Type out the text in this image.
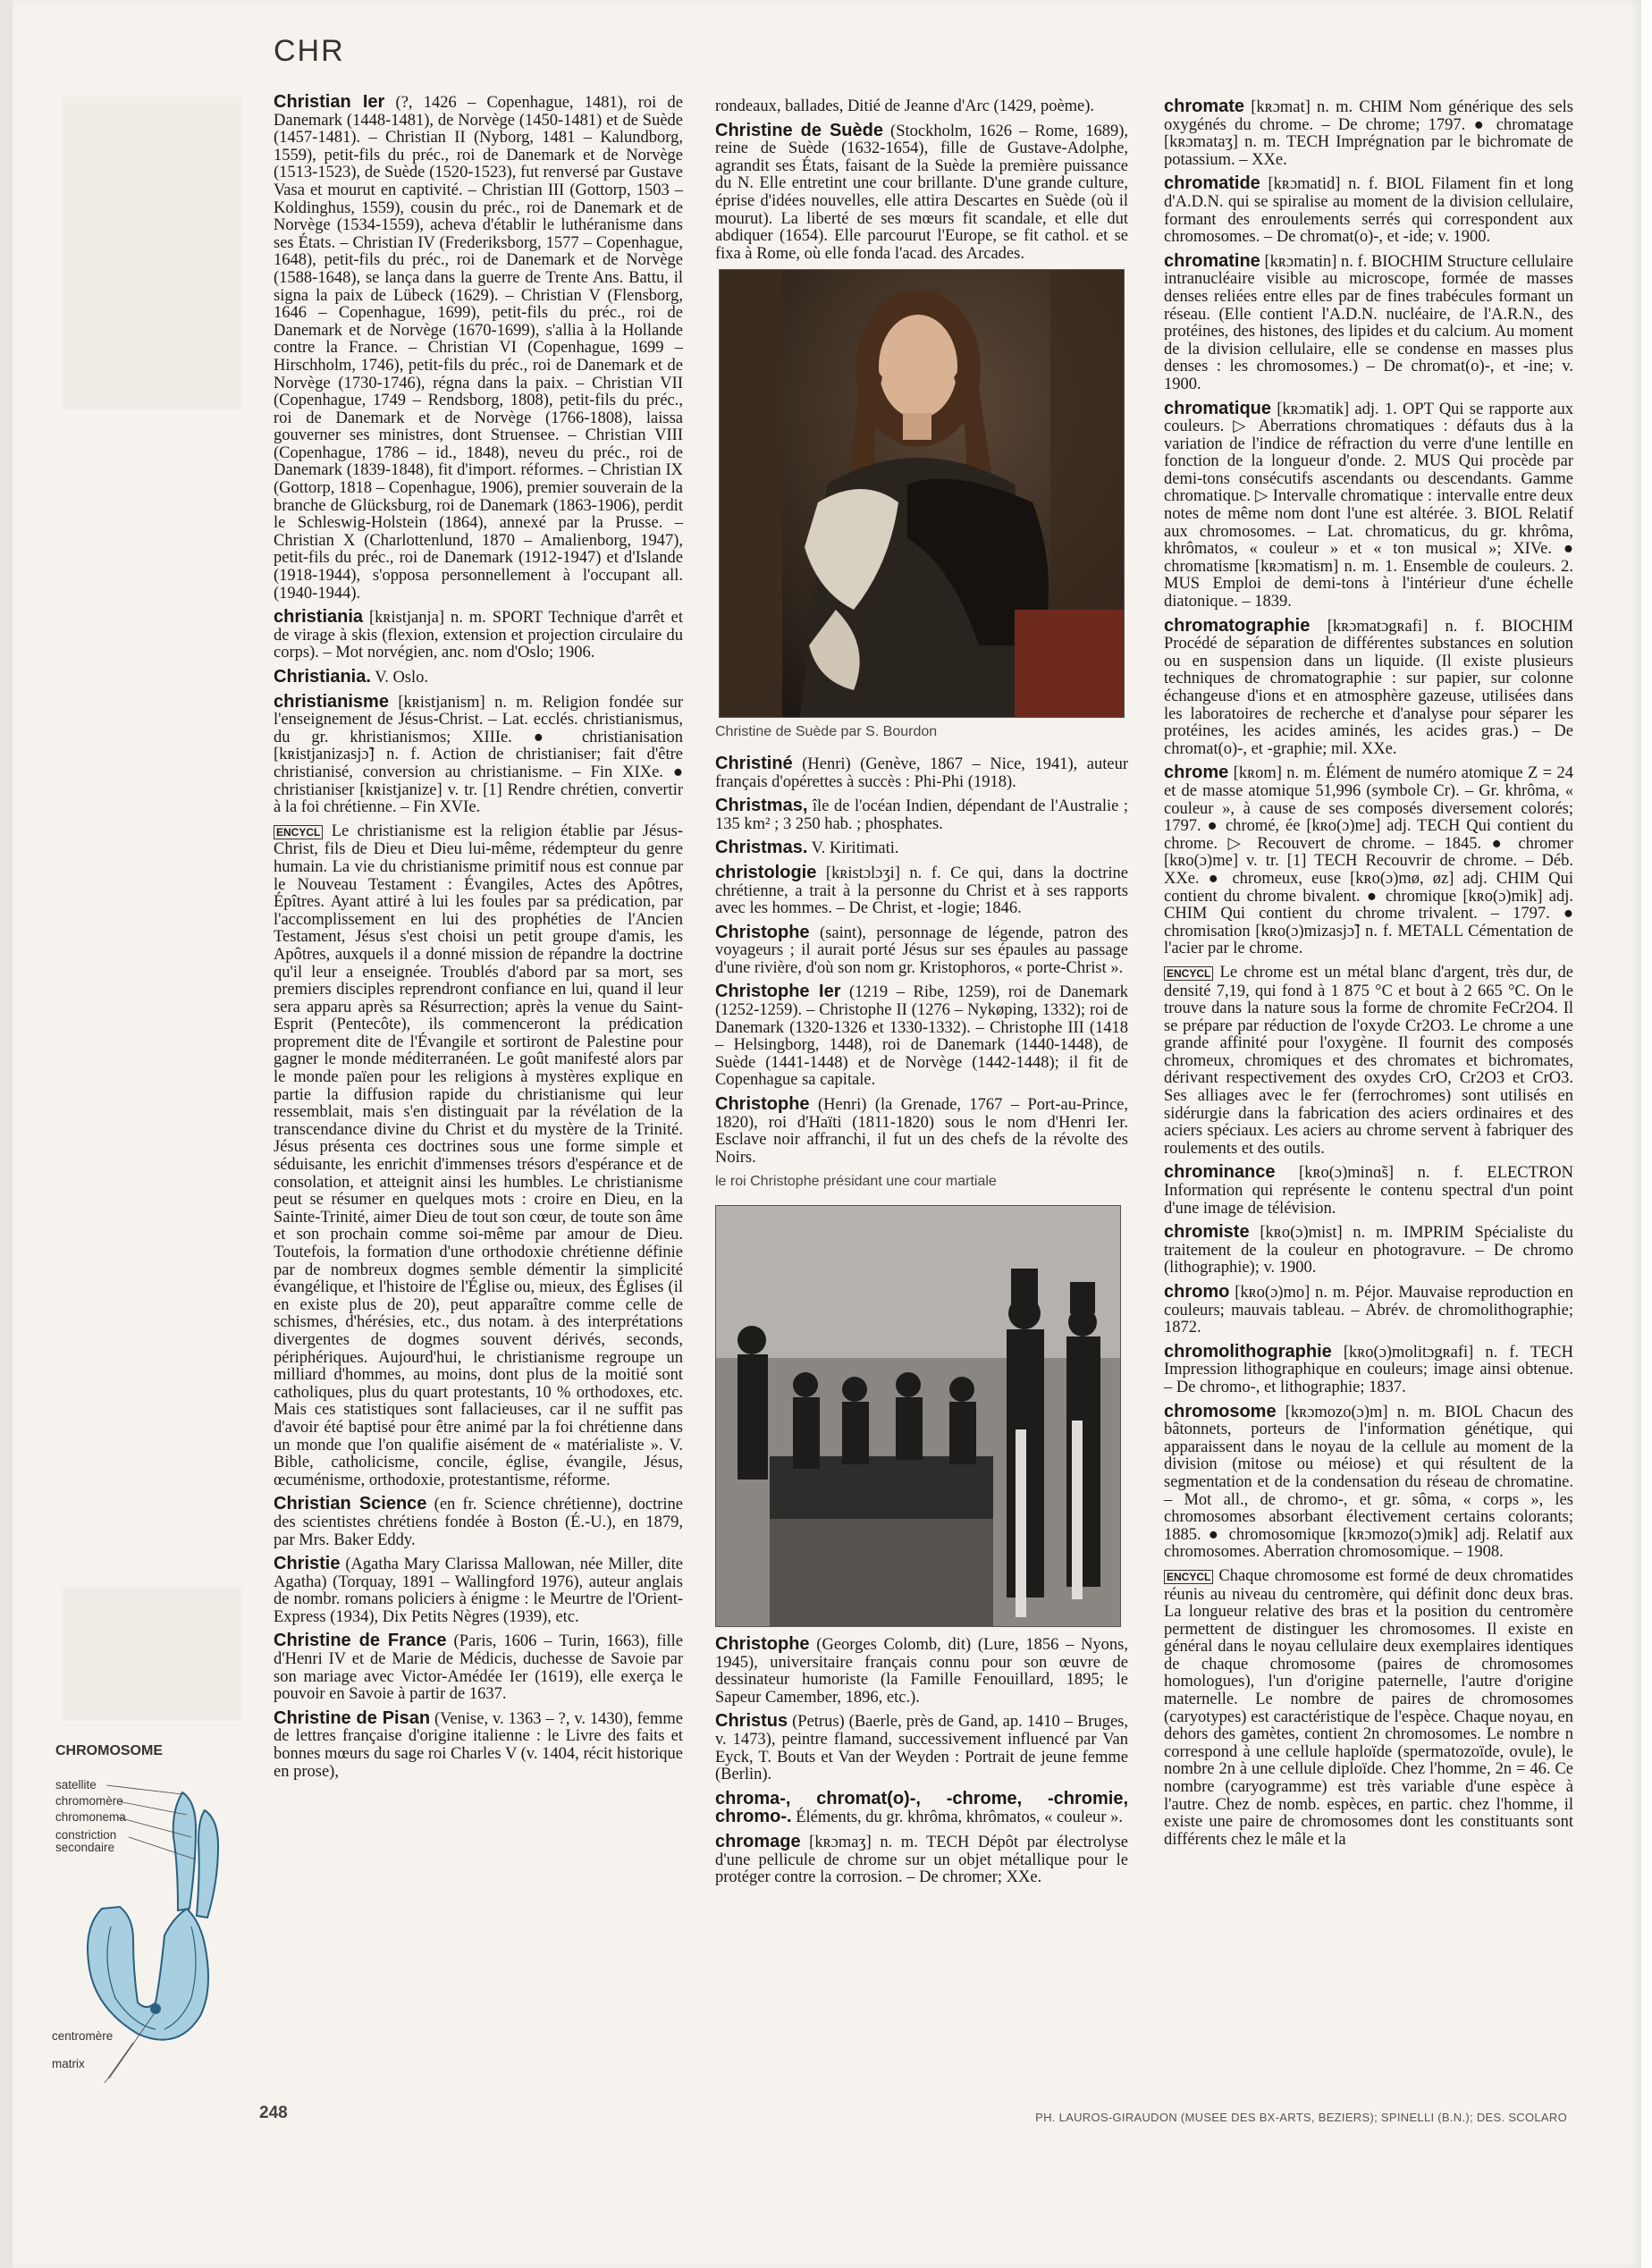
CHR
Christian Ier (?, 1426 – Copenhague, 1481), roi de Danemark (1448-1481), de Norvège (1450-1481) et de Suède (1457-1481). – Christian II (Nyborg, 1481 – Kalundborg, 1559), petit-fils du préc., roi de Danemark et de Norvège (1513-1523), de Suède (1520-1523), fut renversé par Gustave Vasa et mourut en captivité. – Christian III (Gottorp, 1503 – Koldinghus, 1559), cousin du préc., roi de Danemark et de Norvège (1534-1559), acheva d'établir le luthéranisme dans ses États. – Christian IV (Frederiksborg, 1577 – Copenhague, 1648), petit-fils du préc., roi de Danemark et de Norvège (1588-1648), se lança dans la guerre de Trente Ans. Battu, il signa la paix de Lübeck (1629). – Christian V (Flensborg, 1646 – Copenhague, 1699), petit-fils du préc., roi de Danemark et de Norvège (1670-1699), s'allia à la Hollande contre la France. – Christian VI (Copenhague, 1699 – Hirschholm, 1746), petit-fils du préc., roi de Danemark et de Norvège (1730-1746), régna dans la paix. – Christian VII (Copenhague, 1749 – Rendsborg, 1808), petit-fils du préc., roi de Danemark et de Norvège (1766-1808), laissa gouverner ses ministres, dont Struensee. – Christian VIII (Copenhague, 1786 – id., 1848), neveu du préc., roi de Danemark (1839-1848), fit d'import. réformes. – Christian IX (Gottorp, 1818 – Copenhague, 1906), premier souverain de la branche de Glücksburg, roi de Danemark (1863-1906), perdit le Schleswig-Holstein (1864), annexé par la Prusse. – Christian X (Charlottenlund, 1870 – Amalienborg, 1947), petit-fils du préc., roi de Danemark (1912-1947) et d'Islande (1918-1944), s'opposa personnellement à l'occupant all. (1940-1944).
christiania [kʀistjanja] n. m. SPORT Technique d'arrêt et de virage à skis (flexion, extension et projection circulaire du corps). – Mot norvégien, anc. nom d'Oslo; 1906.
Christiania. V. Oslo.
christianisme [kʀistjanism] n. m. Religion fondée sur l'enseignement de Jésus-Christ. – Lat. ecclés. christianismus, du gr. khristianismos; XIIIe. ● christianisation [kʀistjanizasjɔ̃] n. f. Action de christianiser; fait d'être christianisé, conversion au christianisme. – Fin XIXe. ● christianiser [kʀistjanize] v. tr. [1] Rendre chrétien, convertir à la foi chrétienne. – Fin XVIe.
ENCYCL Le christianisme est la religion établie par Jésus-Christ, fils de Dieu et Dieu lui-même, rédempteur du genre humain. La vie du christianisme primitif nous est connue par le Nouveau Testament : Évangiles, Actes des Apôtres, Épîtres. Ayant attiré à lui les foules par sa prédication, par l'accomplissement en lui des prophéties de l'Ancien Testament, Jésus s'est choisi un petit groupe d'amis, les Apôtres, auxquels il a donné mission de répandre la doctrine qu'il leur a enseignée. Troublés d'abord par sa mort, ses premiers disciples reprendront confiance en lui, quand il leur sera apparu après sa Résurrection; après la venue du Saint-Esprit (Pentecôte), ils commenceront la prédication proprement dite de l'Évangile et sortiront de Palestine pour gagner le monde méditerranéen. Le goût manifesté alors par le monde païen pour les religions à mystères explique en partie la diffusion rapide du christianisme qui leur ressemblait, mais s'en distinguait par la révélation de la transcendance divine du Christ et du mystère de la Trinité. Jésus présenta ces doctrines sous une forme simple et séduisante, les enrichit d'immenses trésors d'espérance et de consolation, et atteignit ainsi les humbles. Le christianisme peut se résumer en quelques mots : croire en Dieu, en la Sainte-Trinité, aimer Dieu de tout son cœur, de toute son âme et son prochain comme soi-même par amour de Dieu. Toutefois, la formation d'une orthodoxie chrétienne définie par de nombreux dogmes semble démentir la simplicité évangélique, et l'histoire de l'Église ou, mieux, des Églises (il en existe plus de 20), peut apparaître comme celle de schismes, d'hérésies, etc., dus notam. à des interprétations divergentes de dogmes souvent dérivés, seconds, périphériques. Aujourd'hui, le christianisme regroupe un milliard d'hommes, au moins, dont plus de la moitié sont catholiques, plus du quart protestants, 10 % orthodoxes, etc. Mais ces statistiques sont fallacieuses, car il ne suffit pas d'avoir été baptisé pour être animé par la foi chrétienne dans un monde que l'on qualifie aisément de « matérialiste ». V. Bible, catholicisme, concile, église, évangile, Jésus, œcuménisme, orthodoxie, protestantisme, réforme.
Christian Science (en fr. Science chrétienne), doctrine des scientistes chrétiens fondée à Boston (É.-U.), en 1879, par Mrs. Baker Eddy.
Christie (Agatha Mary Clarissa Mallowan, née Miller, dite Agatha) (Torquay, 1891 – Wallingford 1976), auteur anglais de nombr. romans policiers à énigme : le Meurtre de l'Orient-Express (1934), Dix Petits Nègres (1939), etc.
Christine de France (Paris, 1606 – Turin, 1663), fille d'Henri IV et de Marie de Médicis, duchesse de Savoie par son mariage avec Victor-Amédée Ier (1619), elle exerça le pouvoir en Savoie à partir de 1637.
Christine de Pisan (Venise, v. 1363 – ?, v. 1430), femme de lettres française d'origine italienne : le Livre des faits et bonnes mœurs du sage roi Charles V (v. 1404, récit historique en prose),
rondeaux, ballades, Ditié de Jeanne d'Arc (1429, poème).
Christine de Suède (Stockholm, 1626 – Rome, 1689), reine de Suède (1632-1654), fille de Gustave-Adolphe, agrandit ses États, faisant de la Suède la première puissance du N. Elle entretint une cour brillante. D'une grande culture, éprise d'idées nouvelles, elle attira Descartes en Suède (où il mourut). La liberté de ses mœurs fit scandale, et elle dut abdiquer (1654). Elle parcourut l'Europe, se fit cathol. et se fixa à Rome, où elle fonda l'acad. des Arcades.
Christine de Suède par S. Bourdon
Christiné (Henri) (Genève, 1867 – Nice, 1941), auteur français d'opérettes à succès : Phi-Phi (1918).
Christmas, île de l'océan Indien, dépendant de l'Australie ; 135 km² ; 3 250 hab. ; phosphates.
Christmas. V. Kiritimati.
christologie [kʀistɔlɔʒi] n. f. Ce qui, dans la doctrine chrétienne, a trait à la personne du Christ et à ses rapports avec les hommes. – De Christ, et -logie; 1846.
Christophe (saint), personnage de légende, patron des voyageurs ; il aurait porté Jésus sur ses épaules au passage d'une rivière, d'où son nom gr. Kristophoros, « porte-Christ ».
Christophe Ier (1219 – Ribe, 1259), roi de Danemark (1252-1259). – Christophe II (1276 – Nykøping, 1332); roi de Danemark (1320-1326 et 1330-1332). – Christophe III (1418 – Helsingborg, 1448), roi de Danemark (1440-1448), de Suède (1441-1448) et de Norvège (1442-1448); il fit de Copenhague sa capitale.
Christophe (Henri) (la Grenade, 1767 – Port-au-Prince, 1820), roi d'Haïti (1811-1820) sous le nom d'Henri Ier. Esclave noir affranchi, il fut un des chefs de la révolte des Noirs.
le roi Christophe présidant une cour martiale
Christophe (Georges Colomb, dit) (Lure, 1856 – Nyons, 1945), universitaire français connu pour son œuvre de dessinateur humoriste (la Famille Fenouillard, 1895; le Sapeur Camember, 1896, etc.).
Christus (Petrus) (Baerle, près de Gand, ap. 1410 – Bruges, v. 1473), peintre flamand, successivement influencé par Van Eyck, T. Bouts et Van der Weyden : Portrait de jeune femme (Berlin).
chroma-, chromat(o)-, -chrome, -chromie, chromo-. Éléments, du gr. khrôma, khrômatos, « couleur ».
chromage [kʀɔmaʒ] n. m. TECH Dépôt par électrolyse d'une pellicule de chrome sur un objet métallique pour le protéger contre la corrosion. – De chromer; XXe.
chromate [kʀɔmat] n. m. CHIM Nom générique des sels oxygénés du chrome. – De chrome; 1797. ● chromatage [kʀɔmataʒ] n. m. TECH Imprégnation par le bichromate de potassium. – XXe.
chromatide [kʀɔmatid] n. f. BIOL Filament fin et long d'A.D.N. qui se spiralise au moment de la division cellulaire, formant des enroulements serrés qui correspondent aux chromosomes. – De chromat(o)-, et -ide; v. 1900.
chromatine [kʀɔmatin] n. f. BIOCHIM Structure cellulaire intranucléaire visible au microscope, formée de masses denses reliées entre elles par de fines trabécules formant un réseau. (Elle contient l'A.D.N. nucléaire, de l'A.R.N., des protéines, des histones, des lipides et du calcium. Au moment de la division cellulaire, elle se condense en masses plus denses : les chromosomes.) – De chromat(o)-, et -ine; v. 1900.
chromatique [kʀɔmatik] adj. 1. OPT Qui se rapporte aux couleurs. ▷ Aberrations chromatiques : défauts dus à la variation de l'indice de réfraction du verre d'une lentille en fonction de la longueur d'onde. 2. MUS Qui procède par demi-tons consécutifs ascendants ou descendants. Gamme chromatique. ▷ Intervalle chromatique : intervalle entre deux notes de même nom dont l'une est altérée. 3. BIOL Relatif aux chromosomes. – Lat. chromaticus, du gr. khrôma, khrômatos, « couleur » et « ton musical »; XIVe. ● chromatisme [kʀɔmatism] n. m. 1. Ensemble de couleurs. 2. MUS Emploi de demi-tons à l'intérieur d'une échelle diatonique. – 1839.
chromatographie [kʀɔmatɔgʀafi] n. f. BIOCHIM Procédé de séparation de différentes substances en solution ou en suspension dans un liquide. (Il existe plusieurs techniques de chromatographie : sur papier, sur colonne échangeuse d'ions et en atmosphère gazeuse, utilisées dans les laboratoires de recherche et d'analyse pour séparer les protéines, les acides aminés, les acides gras.) – De chromat(o)-, et -graphie; mil. XXe.
chrome [kʀom] n. m. Élément de numéro atomique Z = 24 et de masse atomique 51,996 (symbole Cr). – Gr. khrôma, « couleur », à cause de ses composés diversement colorés; 1797. ● chromé, ée [kʀo(ɔ)me] adj. TECH Qui contient du chrome. ▷ Recouvert de chrome. – 1845. ● chromer [kʀo(ɔ)me] v. tr. [1] TECH Recouvrir de chrome. – Déb. XXe. ● chromeux, euse [kʀo(ɔ)mø, øz] adj. CHIM Qui contient du chrome bivalent. ● chromique [kʀo(ɔ)mik] adj. CHIM Qui contient du chrome trivalent. – 1797. ● chromisation [kʀo(ɔ)mizasjɔ̃] n. f. METALL Cémentation de l'acier par le chrome.
ENCYCL Le chrome est un métal blanc d'argent, très dur, de densité 7,19, qui fond à 1 875 °C et bout à 2 665 °C. On le trouve dans la nature sous la forme de chromite FeCr2O4. Il se prépare par réduction de l'oxyde Cr2O3. Le chrome a une grande affinité pour l'oxygène. Il fournit des composés chromeux, chromiques et des chromates et bichromates, dérivant respectivement des oxydes CrO, Cr2O3 et CrO3. Ses alliages avec le fer (ferrochromes) sont utilisés en sidérurgie dans la fabrication des aciers ordinaires et des aciers spéciaux. Les aciers au chrome servent à fabriquer des roulements et des outils.
chrominance [kʀo(ɔ)minɑ̃s] n. f. ELECTRON Information qui représente le contenu spectral d'un point d'une image de télévision.
chromiste [kʀo(ɔ)mist] n. m. IMPRIM Spécialiste du traitement de la couleur en photogravure. – De chromo (lithographie); v. 1900.
chromo [kʀo(ɔ)mo] n. m. Péjor. Mauvaise reproduction en couleurs; mauvais tableau. – Abrév. de chromolithographie; 1872.
chromolithographie [kʀo(ɔ)molitɔgʀafi] n. f. TECH Impression lithographique en couleurs; image ainsi obtenue. – De chromo-, et lithographie; 1837.
chromosome [kʀɔmozo(ɔ)m] n. m. BIOL Chacun des bâtonnets, porteurs de l'information génétique, qui apparaissent dans le noyau de la cellule au moment de la division (mitose ou méiose) et qui résultent de la segmentation et de la condensation du réseau de chromatine. – Mot all., de chromo-, et gr. sôma, « corps », les chromosomes absorbant électivement certains colorants; 1885. ● chromosomique [kʀɔmozo(ɔ)mik] adj. Relatif aux chromosomes. Aberration chromosomique. – 1908.
ENCYCL Chaque chromosome est formé de deux chromatides réunis au niveau du centromère, qui définit donc deux bras. La longueur relative des bras et la position du centromère permettent de distinguer les chromosomes. Il existe en général dans le noyau cellulaire deux exemplaires identiques de chaque chromosome (paires de chromosomes homologues), l'un d'origine paternelle, l'autre d'origine maternelle. Le nombre de paires de chromosomes (caryotypes) est caractéristique de l'espèce. Chaque noyau, en dehors des gamètes, contient 2n chromosomes. Le nombre n correspond à une cellule haploïde (spermatozoïde, ovule), le nombre 2n à une cellule diploïde. Chez l'homme, 2n = 46. Ce nombre (caryogramme) est très variable d'une espèce à l'autre. Chez de nomb. espèces, en partic. chez l'homme, il existe une paire de chromosomes dont les constituants sont différents chez le mâle et la
CHROMOSOME
satellite
chromomère
chromonema
constriction
secondaire
centromère
matrix
248	PH. LAUROS-GIRAUDON (MUSEE DES BX-ARTS, BEZIERS); SPINELLI (B.N.); DES. SCOLARO
